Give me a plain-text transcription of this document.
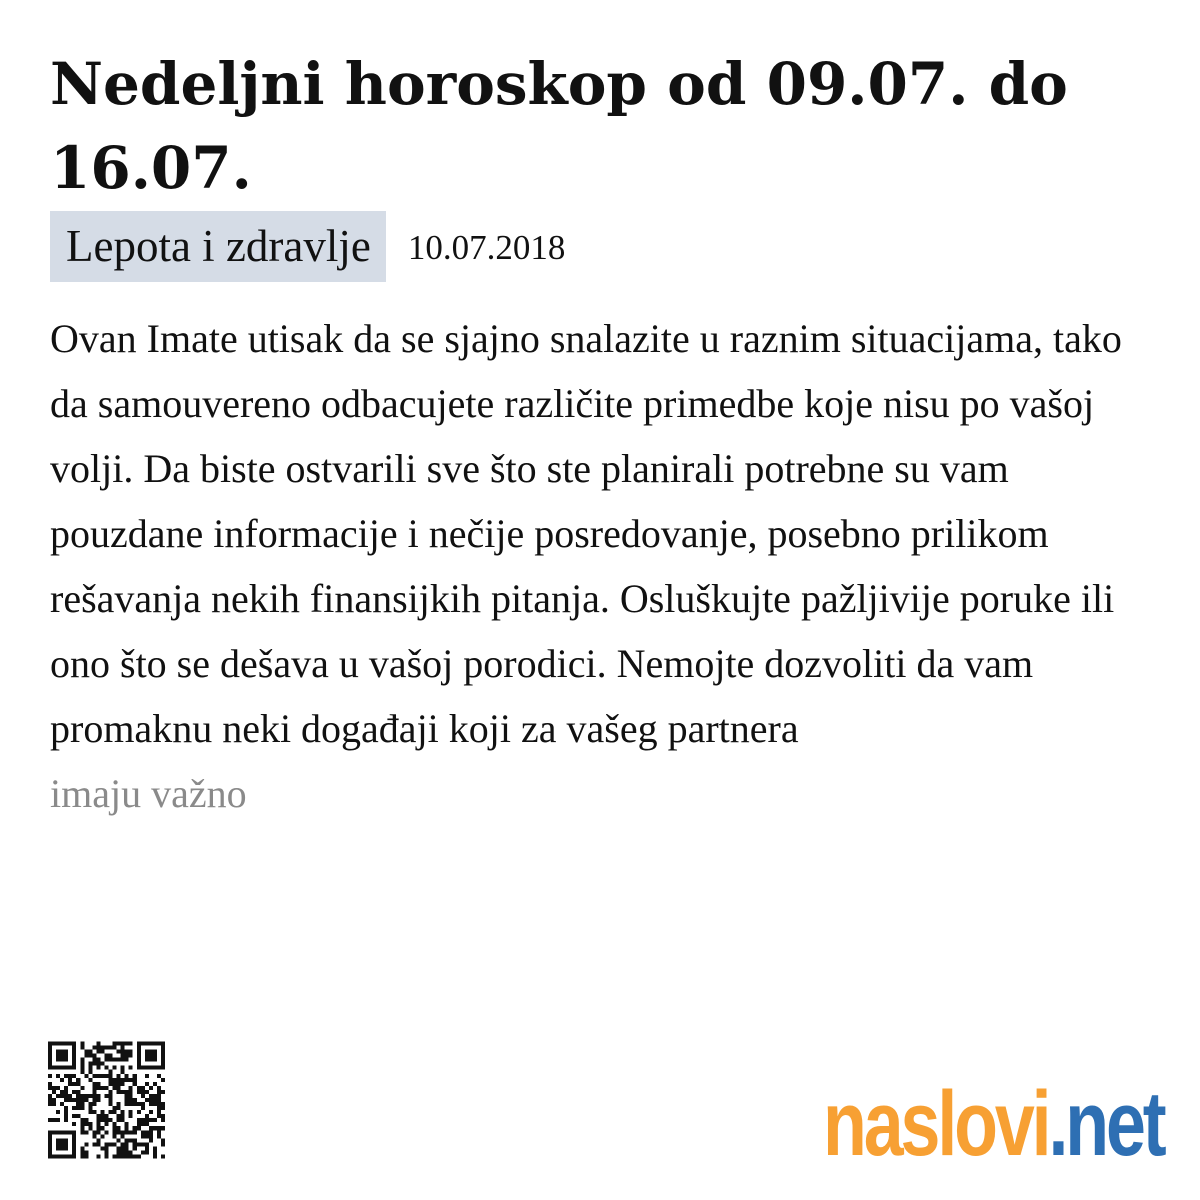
Nedeljni horoskop od 09.07. do 16.07.
Lepota i zdravlje	10.07.2018
Ovan Imate utisak da se sjajno snalazite u raznim situacijama, tako da samouvereno odbacujete različite primedbe koje nisu po vašoj volji. Da biste ostvarili sve što ste planirali potrebne su vam pouzdane informacije i nečije posredovanje, posebno prilikom rešavanja nekih finansijkih pitanja. Osluškujte pažljivije poruke ili ono što se dešava u vašoj porodici. Nemojte dozvoliti da vam promaknu neki događaji koji za vašeg partnera
imaju važno
naslovi . net
